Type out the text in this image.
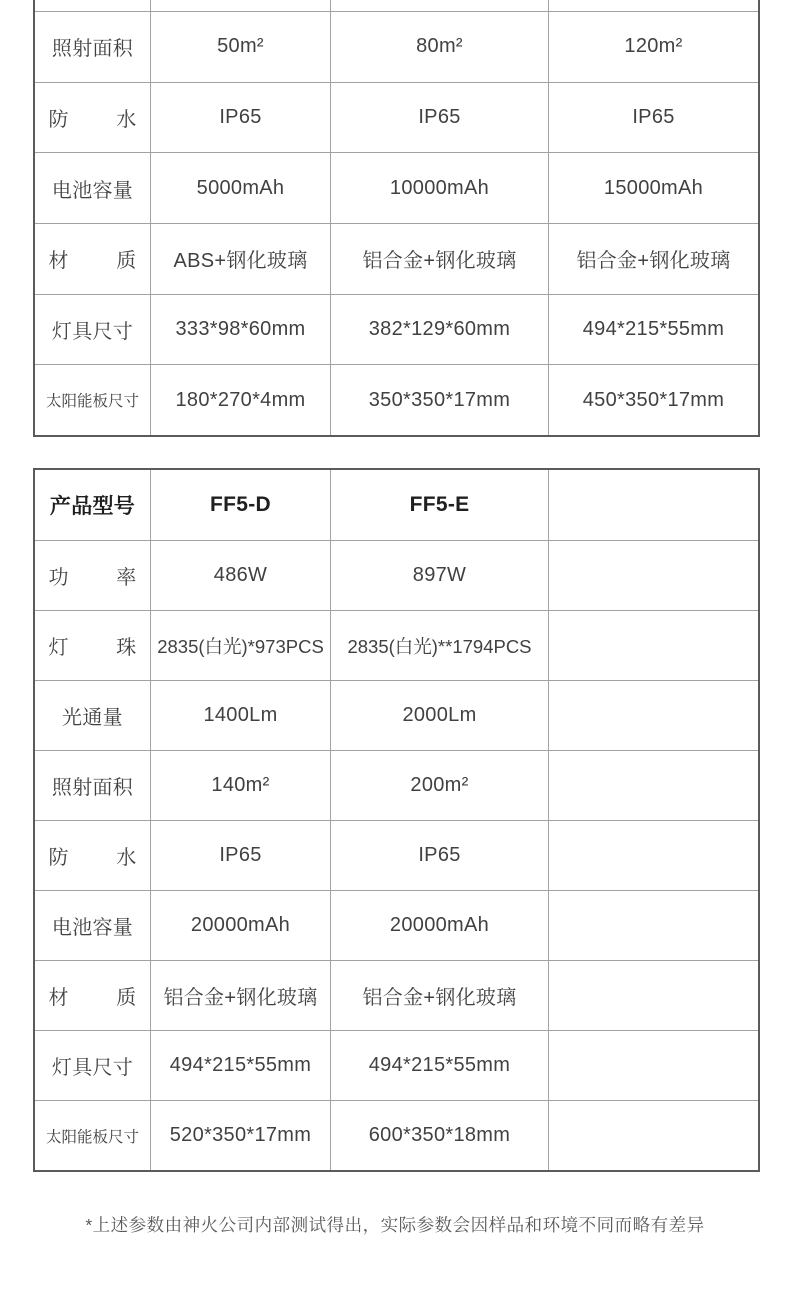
照射面积	50m²	80m²	120m²
防水	IP65	IP65	IP65
电池容量	5000mAh	10000mAh	15000mAh
材质	ABS+钢化玻璃	铝合金+钢化玻璃	铝合金+钢化玻璃
灯具尺寸	333*98*60mm	382*129*60mm	494*215*55mm
太阳能板尺寸	180*270*4mm	350*350*17mm	450*350*17mm
产品型号	FF5-D	FF5-E
功率	486W	897W
灯珠	2835(白光)*973PCS	2835(白光)**1794PCS
光通量	1400Lm	2000Lm
照射面积	140m²	200m²
防水	IP65	IP65
电池容量	20000mAh	20000mAh
材质	铝合金+钢化玻璃	铝合金+钢化玻璃
灯具尺寸	494*215*55mm	494*215*55mm
太阳能板尺寸	520*350*17mm	600*350*18mm
*上述参数由神火公司内部测试得出，实际参数会因样品和环境不同而略有差异
